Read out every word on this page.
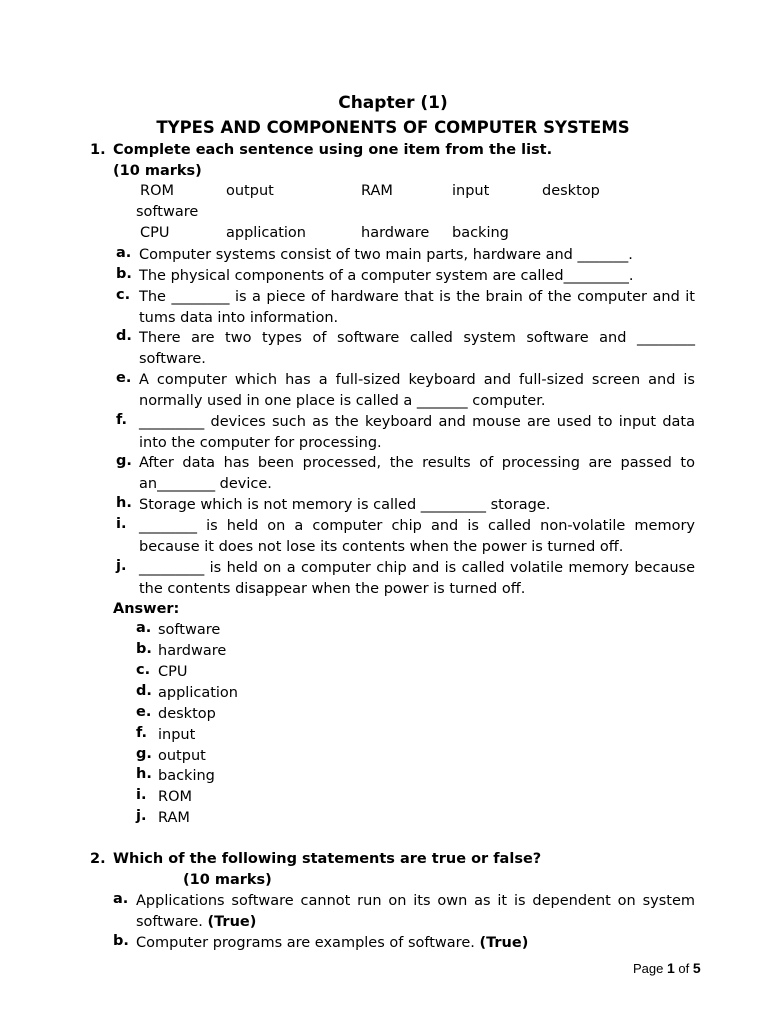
Chapter (1)
TYPES AND COMPONENTS OF COMPUTER SYSTEMS
1. Complete each sentence using one item from the list.
(10 marks)
ROM	output	RAM	input	desktop
software
CPU	application	hardware backing
a. Computer systems consist of two main parts, hardware and _______.
b. The physical components of a computer system are called_________.
c. The ________ is a piece of hardware that is the brain of the computer and it tums data into information.
d. There are two types of software called system software and ________ software.
e. A computer which has a full-sized keyboard and full-sized screen and is normally used in one place is called a _______ computer.
f. _________ devices such as the keyboard and mouse are used to input data into the computer for processing.
g. After data has been processed, the results of processing are passed to an________ device.
h. Storage which is not memory is called _________ storage.
i. ________ is held on a computer chip and is called non-volatile memory because it does not lose its contents when the power is turned off.
j. _________ is held on a computer chip and is called volatile memory because the contents disappear when the power is turned off.
Answer:
a. software
b. hardware
c. CPU
d. application
e. desktop
f. input
g. output
h. backing
i. ROM
j. RAM
2. Which of the following statements are true or false?
(10 marks)
a. Applications software cannot run on its own as it is dependent on system software. (True)
b. Computer programs are examples of software. (True)
Page 1 of 5
